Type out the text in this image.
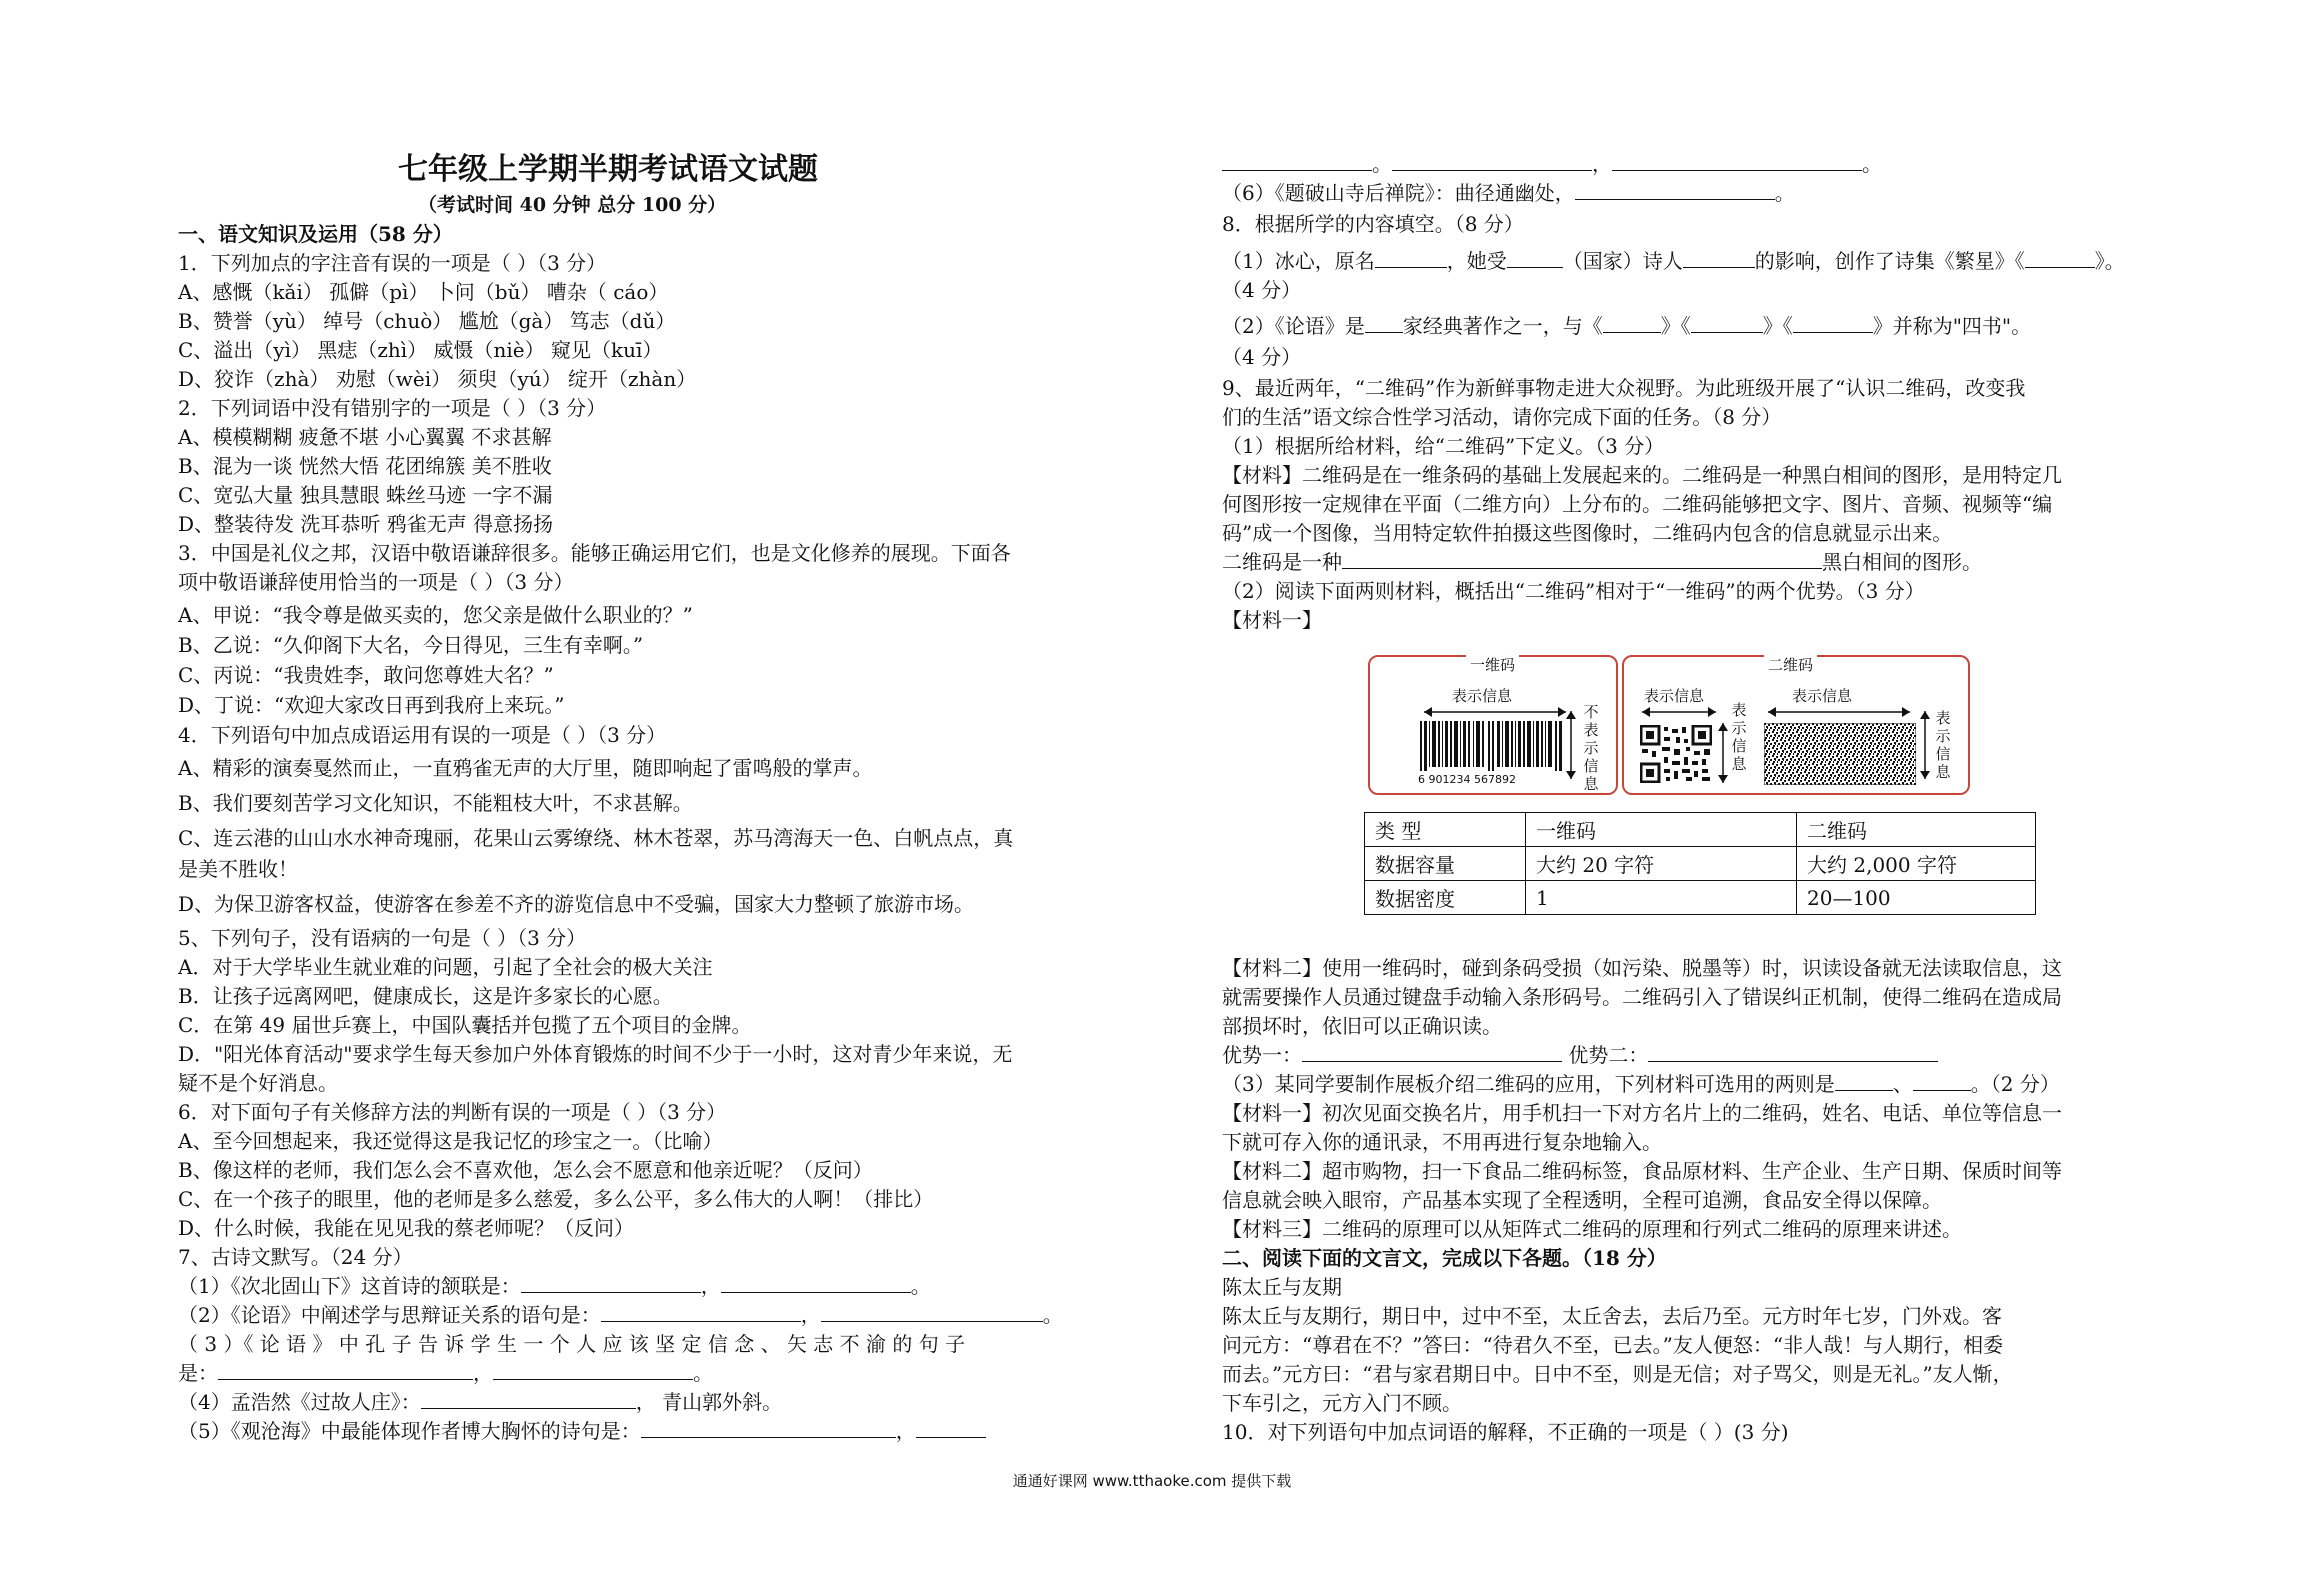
七年级上学期半期考试语文试题
（考试时间 40 分钟 总分 100 分）
一、语文知识及运用（58 分）
1．下列加点的字注音有误的一项是（ ）（3 分）
A、感慨（kǎi） 孤僻（pì） 卜问（bǔ） 嘈杂（ cáo）
B、赞誉（yù） 绰号（chuò） 尴尬（gà） 笃志（dǔ）
C、溢出（yì） 黑痣（zhì） 威慑（niè） 窥见（kuī）
D、狡诈（zhà） 劝慰（wèi） 须臾（yú） 绽开（zhàn）
2．下列词语中没有错别字的一项是（ ）（3 分）
A、模模糊糊 疲惫不堪 小心翼翼 不求甚解
B、混为一谈 恍然大悟 花团绵簇 美不胜收
C、宽弘大量 独具慧眼 蛛丝马迹 一字不漏
D、整装待发 洗耳恭听 鸦雀无声 得意扬扬
3．中国是礼仪之邦，汉语中敬语谦辞很多。能够正确运用它们，也是文化修养的展现。下面各
项中敬语谦辞使用恰当的一项是（ ）（3 分）
A、甲说：“我令尊是做买卖的，您父亲是做什么职业的？”
B、乙说：“久仰阁下大名，今日得见，三生有幸啊。”
C、丙说：“我贵姓李，敢问您尊姓大名？”
D、丁说：“欢迎大家改日再到我府上来玩。”
4．下列语句中加点成语运用有误的一项是（ ）（3 分）
A、精彩的演奏戛然而止，一直鸦雀无声的大厅里，随即响起了雷鸣般的掌声。
B、我们要刻苦学习文化知识，不能粗枝大叶，不求甚解。
C、连云港的山山水水神奇瑰丽，花果山云雾缭绕、林木苍翠，苏马湾海天一色、白帆点点，真
是美不胜收！
D、为保卫游客权益，使游客在参差不齐的游览信息中不受骗，国家大力整顿了旅游市场。
5、下列句子，没有语病的一句是（ ）（3 分）
A．对于大学毕业生就业难的问题，引起了全社会的极大关注
B．让孩子远离网吧，健康成长，这是许多家长的心愿。
C．在第 49 届世乒赛上，中国队囊括并包揽了五个项目的金牌。
D．"阳光体育活动"要求学生每天参加户外体育锻炼的时间不少于一小时，这对青少年来说，无
疑不是个好消息。
6．对下面句子有关修辞方法的判断有误的一项是（ ）（3 分）
A、至今回想起来，我还觉得这是我记忆的珍宝之一。（比喻）
B、像这样的老师，我们怎么会不喜欢他，怎么会不愿意和他亲近呢？（反问）
C、在一个孩子的眼里，他的老师是多么慈爱，多么公平，多么伟大的人啊！（排比）
D、什么时候，我能在见见我的蔡老师呢？（反问）
7、古诗文默写。（24 分）
（1）《次北固山下》这首诗的颔联是：	，	。
（2）《论语》中阐述学与思辩证关系的语句是：	，	。
（ 3 ）《 论 语 》 中 孔 子 告 诉 学 生 一 个 人 应 该 坚 定 信 念 、 矢 志 不 渝 的 句 子
是：	，	。
（4）孟浩然《过故人庄》：	， 青山郭外斜。
（5）《观沧海》中最能体现作者博大胸怀的诗句是：	，
。	，	。
（6）《题破山寺后禅院》：曲径通幽处，	。
8．根据所学的内容填空。（8 分）
（1）冰心，原名	，她受	（国家）诗人	的影响，创作了诗集《繁星》《	》。
（4 分）
（2）《论语》是 家经典著作之一，与《	》《	》《	》并称为"四书"。
（4 分）
9、最近两年，“二维码”作为新鲜事物走进大众视野。为此班级开展了“认识二维码，改变我
们的生活”语文综合性学习活动，请你完成下面的任务。（8 分）
（1）根据所给材料，给“二维码”下定义。（3 分）
【材料】二维码是在一维条码的基础上发展起来的。二维码是一种黑白相间的图形，是用特定几
何图形按一定规律在平面（二维方向）上分布的。二维码能够把文字、图片、音频、视频等“编
码”成一个图像，当用特定软件拍摄这些图像时，二维码内包含的信息就显示出来。
二维码是一种	黑白相间的图形。
（2）阅读下面两则材料，概括出“二维码”相对于“一维码”的两个优势。（3 分）
【材料一】
一维码
表示信息
6 901234 567892
不表示信息
二维码
表示信息
表示信息
表示信息
表示信息
类 型	一维码	二维码
数据容量	大约 20 字符	大约 2,000 字符
数据密度	1	20—100
【材料二】使用一维码时，碰到条码受损（如污染、脱墨等）时，识读设备就无法读取信息，这
就需要操作人员通过键盘手动输入条形码号。二维码引入了错误纠正机制，使得二维码在造成局
部损坏时，依旧可以正确识读。
优势一：	优势二：
（3）某同学要制作展板介绍二维码的应用，下列材料可选用的两则是	、	。（2 分）
【材料一】初次见面交换名片，用手机扫一下对方名片上的二维码，姓名、电话、单位等信息一
下就可存入你的通讯录，不用再进行复杂地输入。
【材料二】超市购物，扫一下食品二维码标签，食品原材料、生产企业、生产日期、保质时间等
信息就会映入眼帘，产品基本实现了全程透明，全程可追溯，食品安全得以保障。
【材料三】二维码的原理可以从矩阵式二维码的原理和行列式二维码的原理来讲述。
二、阅读下面的文言文，完成以下各题。（18 分）
陈太丘与友期
陈太丘与友期行，期日中，过中不至，太丘舍去，去后乃至。元方时年七岁，门外戏。客
问元方：“尊君在不？”答曰：“待君久不至，已去。”友人便怒：“非人哉！与人期行，相委
而去。”元方曰：“君与家君期日中。日中不至，则是无信；对子骂父，则是无礼。”友人惭，
下车引之，元方入门不顾。
10．对下列语句中加点词语的解释，不正确的一项是（ ）(3 分)
通通好课网 www.tthaoke.com 提供下载
